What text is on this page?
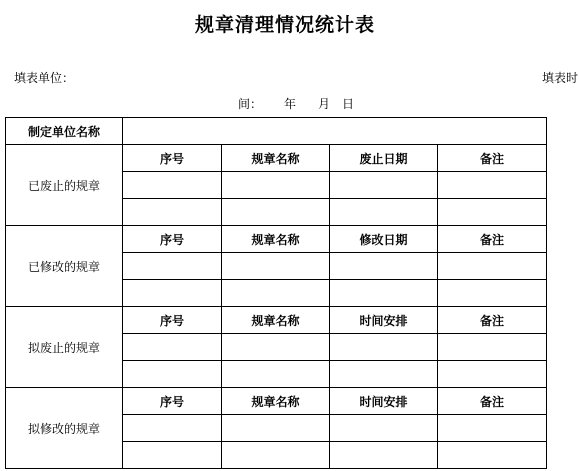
规章清理情况统计表
填表单位：	填表时
间： 年 月 日
制定单位名称				
已废止的规章	序号	规章名称	废止日期	备注

已修改的规章	序号	规章名称	修改日期	备注

拟废止的规章	序号	规章名称	时间安排	备注

拟修改的规章	序号	规章名称	时间安排	备注
